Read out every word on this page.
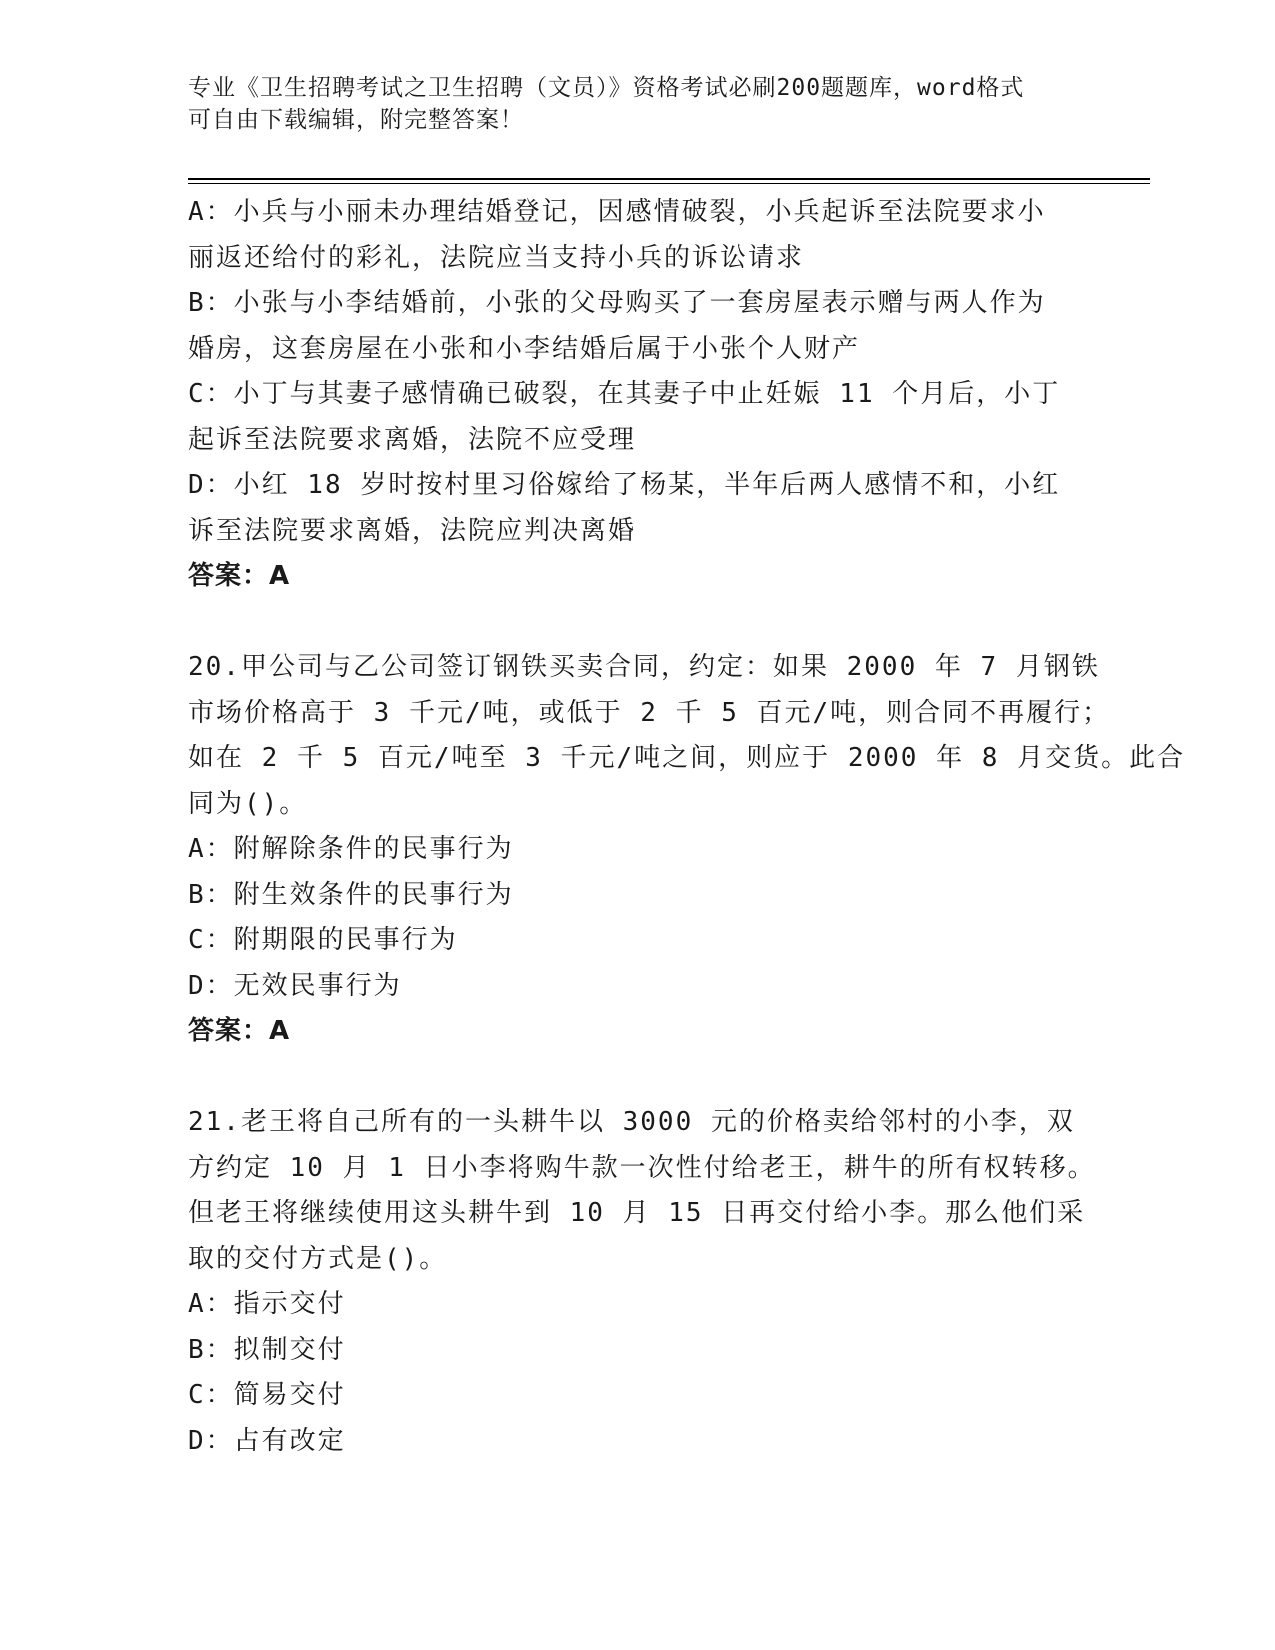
专业《卫生招聘考试之卫生招聘（文员）》资格考试必刷200题题库，word格式
可自由下载编辑，附完整答案！
A：小兵与小丽未办理结婚登记，因感情破裂，小兵起诉至法院要求小
丽返还给付的彩礼，法院应当支持小兵的诉讼请求
B：小张与小李结婚前，小张的父母购买了一套房屋表示赠与两人作为
婚房，这套房屋在小张和小李结婚后属于小张个人财产
C：小丁与其妻子感情确已破裂，在其妻子中止妊娠 11 个月后，小丁
起诉至法院要求离婚，法院不应受理
D：小红 18 岁时按村里习俗嫁给了杨某，半年后两人感情不和，小红
诉至法院要求离婚，法院应判决离婚
答案：A
20.甲公司与乙公司签订钢铁买卖合同，约定：如果 2000 年 7 月钢铁
市场价格高于 3 千元/吨，或低于 2 千 5 百元/吨，则合同不再履行；
如在 2 千 5 百元/吨至 3 千元/吨之间，则应于 2000 年 8 月交货。此合
同为()。
A：附解除条件的民事行为
B：附生效条件的民事行为
C：附期限的民事行为
D：无效民事行为
答案：A
21.老王将自己所有的一头耕牛以 3000 元的价格卖给邻村的小李，双
方约定 10 月 1 日小李将购牛款一次性付给老王，耕牛的所有权转移。
但老王将继续使用这头耕牛到 10 月 15 日再交付给小李。那么他们采
取的交付方式是()。
A：指示交付
B：拟制交付
C：简易交付
D：占有改定
